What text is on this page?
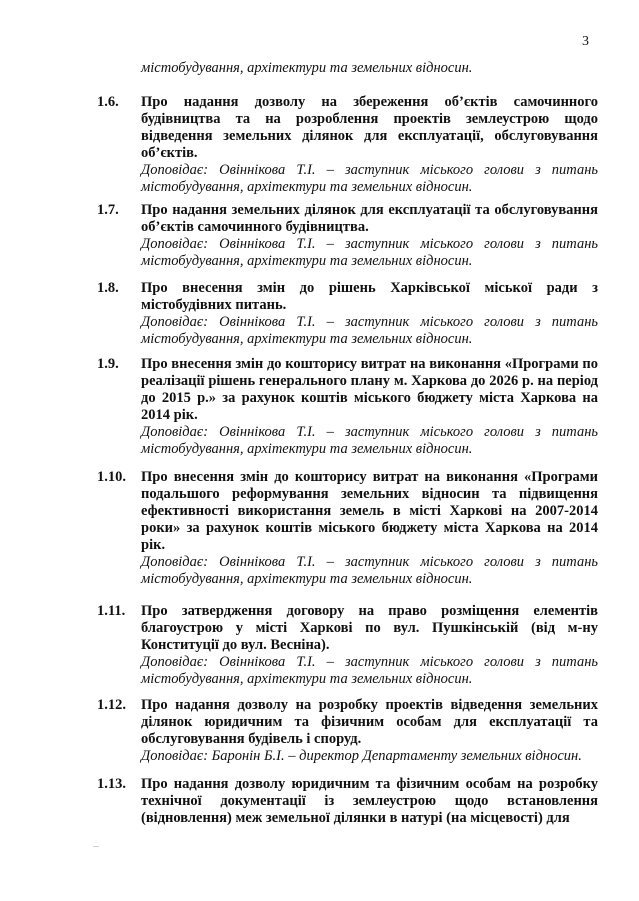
3
містобудування, архітектури та земельних відносин.
1.6. Про надання дозволу на збереження об’єктів самочинного будівництва та на розроблення проектів землеустрою щодо відведення земельних ділянок для експлуатації, обслуговування об’єктів.
Доповідає: Овіннікова Т.І. – заступник міського голови з питань містобудування, архітектури та земельних відносин.
1.7. Про надання земельних ділянок для експлуатації та обслуговування об’єктів самочинного будівництва.
Доповідає: Овіннікова Т.І. – заступник міського голови з питань містобудування, архітектури та земельних відносин.
1.8. Про внесення змін до рішень Харківської міської ради з містобудівних питань.
Доповідає: Овіннікова Т.І. – заступник міського голови з питань містобудування, архітектури та земельних відносин.
1.9. Про внесення змін до кошторису витрат на виконання «Програми по реалізації рішень генерального плану м. Харкова до 2026 р. на період до 2015 р.» за рахунок коштів міського бюджету міста Харкова на 2014 рік.
Доповідає: Овіннікова Т.І. – заступник міського голови з питань містобудування, архітектури та земельних відносин.
1.10. Про внесення змін до кошторису витрат на виконання «Програми подальшого реформування земельних відносин та підвищення ефективності використання земель в місті Харкові на 2007-2014 роки» за рахунок коштів міського бюджету міста Харкова на 2014 рік.
Доповідає: Овіннікова Т.І. – заступник міського голови з питань містобудування, архітектури та земельних відносин.
1.11. Про затвердження договору на право розміщення елементів благоустрою у місті Харкові по вул. Пушкінській (від м-ну Конституції до вул. Весніна).
Доповідає: Овіннікова Т.І. – заступник міського голови з питань містобудування, архітектури та земельних відносин.
1.12. Про надання дозволу на розробку проектів відведення земельних ділянок юридичним та фізичним особам для експлуатації та обслуговування будівель і споруд.
Доповідає: Баронін Б.І. – директор Департаменту земельних відносин.
1.13. Про надання дозволу юридичним та фізичним особам на розробку технічної документації із землеустрою щодо встановлення (відновлення) меж земельної ділянки в натурі (на місцевості) для
